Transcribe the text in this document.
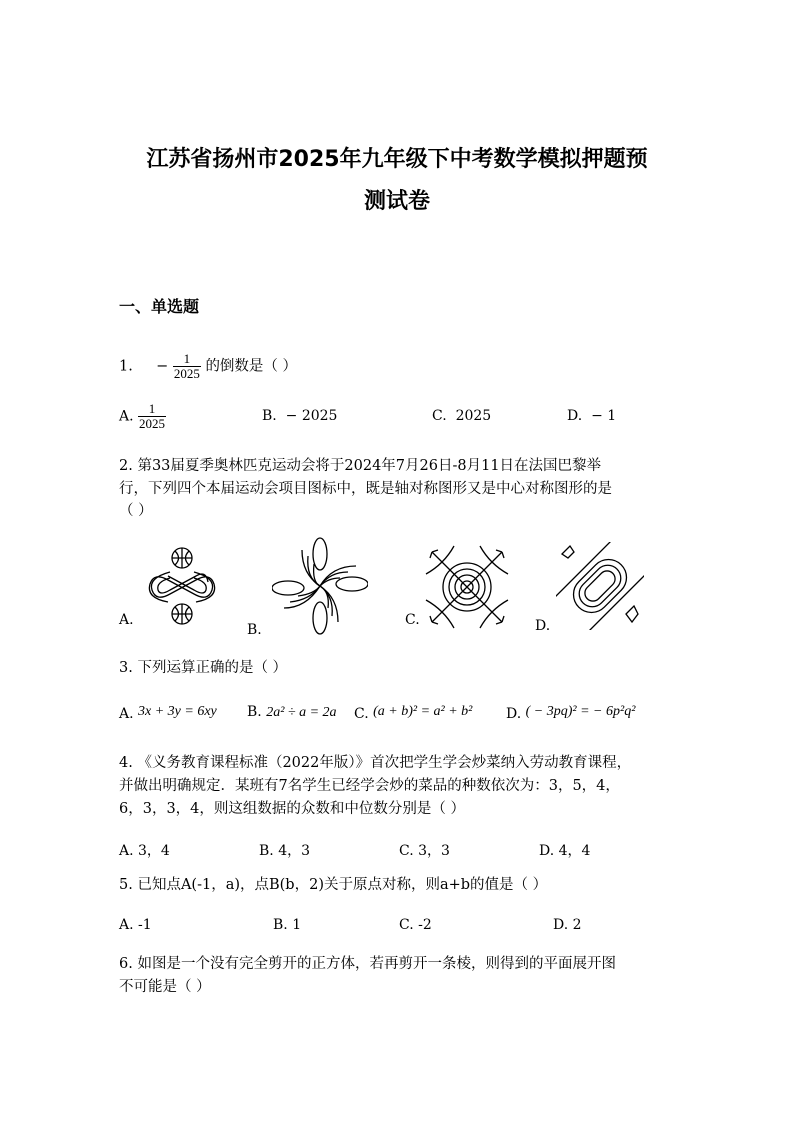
江苏省扬州市2025年九年级下中考数学模拟押题预
测试卷
一、单选题
1. − $\frac{1}{2025}$ 的倒数是（ ）
A. $\frac{1}{2025}$	B. − 2025	C. 2025	D. − 1
2. 第33届夏季奥林匹克运动会将于2024年7月26日-8月11日在法国巴黎举
行，下列四个本届运动会项目图标中，既是轴对称图形又是中心对称图形的是
（ ）
A.
B.
C.	D.
3. 下列运算正确的是（ ）
A. 3x + 3y = 6xy B. 2a² ÷ a = 2a C. (a + b)² = a² + b² D. ( − 3pq)² = − 6p²q²
4. 《义务教育课程标准（2022年版）》首次把学生学会炒菜纳入劳动教育课程，
并做出明确规定．某班有7名学生已经学会炒的菜品的种数依次为：3，5，4，
6，3，3，4，则这组数据的众数和中位数分别是（ ）
A. 3，4	B. 4，3	C. 3，3	D. 4，4
5. 已知点A(-1，a)，点B(b，2)关于原点对称，则a+b的值是（ ）
A. -1	B. 1	C. -2	D. 2
6. 如图是一个没有完全剪开的正方体，若再剪开一条棱，则得到的平面展开图
不可能是（ ）
